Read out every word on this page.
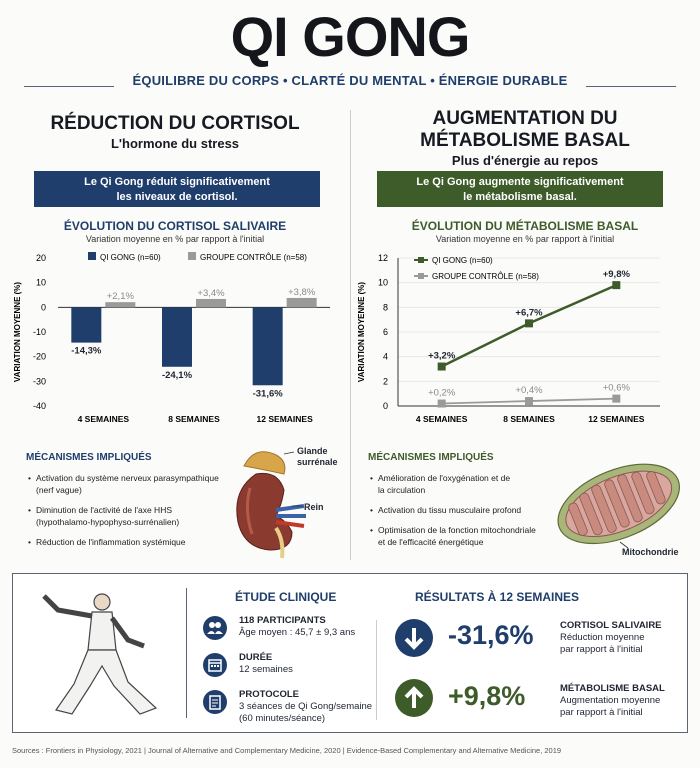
QI GONG
ÉQUILIBRE DU CORPS • CLARTÉ DU MENTAL • ÉNERGIE DURABLE
RÉDUCTION DU CORTISOL
L'hormone du stress
Le Qi Gong réduit significativement
les niveaux de cortisol.
ÉVOLUTION DU CORTISOL SALIVAIRE
Variation moyenne en % par rapport à l'initial
QI GONG (n=60)	GROUPE CONTRÔLE (n=58)
20
10
0
-10
-20
-30
-40
VARIATION MOYENNE (%)	-14,3%
+2,1%
4 SEMAINES
-24,1%
+3,4%
8 SEMAINES
-31,6%
+3,8%
12 SEMAINES
MÉCANISMES IMPLIQUÉS
• Activation du système nerveux parasympathique
(nerf vague)
• Diminution de l'activité de l'axe HHS
(hypothalamo-hypophyso-surrénalien)
• Réduction de l'inflammation systémique
Glande
surrénale
Rein
AUGMENTATION DU
MÉTABOLISME BASAL
Plus d'énergie au repos
Le Qi Gong augmente significativement
le métabolisme basal.
ÉVOLUTION DU MÉTABOLISME BASAL
Variation moyenne en % par rapport à l'initial
12
10
8
6
4
2
0
VARIATION MOYENNE (%)
QI GONG (n=60)
GROUPE CONTRÔLE (n=58)
4 SEMAINES	8 SEMAINES	12 SEMAINES
+3,2%
+6,7%
+9,8%
+0,2%	+0,4%	+0,6%
MÉCANISMES IMPLIQUÉS
• Amélioration de l'oxygénation et de
la circulation
• Activation du tissu musculaire profond
• Optimisation de la fonction mitochondriale
et de l'efficacité énergétique
Mitochondrie
ÉTUDE CLINIQUE
118 PARTICIPANTS
Âge moyen : 45,7 ± 9,3 ans
DURÉE
12 semaines
PROTOCOLE
3 séances de Qi Gong/semaine
(60 minutes/séance)
RÉSULTATS À 12 SEMAINES
-31,6%	CORTISOL SALIVAIRE
Réduction moyenne
par rapport à l'initial
+9,8%	MÉTABOLISME BASAL
Augmentation moyenne
par rapport à l'initial
Sources : Frontiers in Physiology, 2021 | Journal of Alternative and Complementary Medicine, 2020 | Evidence-Based Complementary and Alternative Medicine, 2019
